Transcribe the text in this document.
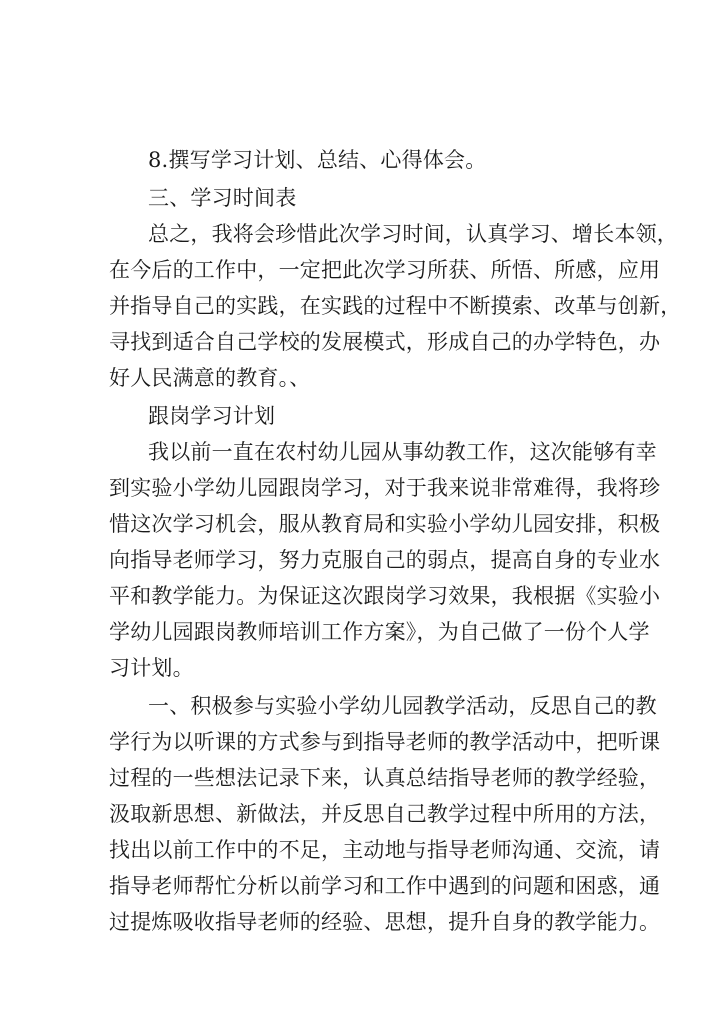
8.撰写学习计划、总结、心得体会。
三、学习时间表
总之，我将会珍惜此次学习时间，认真学习、增长本领，
在今后的工作中，一定把此次学习所获、所悟、所感，应用
并指导自己的实践，在实践的过程中不断摸索、改革与创新，
寻找到适合自己学校的发展模式，形成自己的办学特色，办
好人民满意的教育。、
跟岗学习计划
我以前一直在农村幼儿园从事幼教工作，这次能够有幸
到实验小学幼儿园跟岗学习，对于我来说非常难得，我将珍
惜这次学习机会，服从教育局和实验小学幼儿园安排，积极
向指导老师学习，努力克服自己的弱点，提高自身的专业水
平和教学能力。为保证这次跟岗学习效果，我根据《实验小
学幼儿园跟岗教师培训工作方案》，为自己做了一份个人学
习计划。
一、积极参与实验小学幼儿园教学活动，反思自己的教
学行为以听课的方式参与到指导老师的教学活动中，把听课
过程的一些想法记录下来，认真总结指导老师的教学经验，
汲取新思想、新做法，并反思自己教学过程中所用的方法，
找出以前工作中的不足，主动地与指导老师沟通、交流，请
指导老师帮忙分析以前学习和工作中遇到的问题和困惑，通
过提炼吸收指导老师的经验、思想，提升自身的教学能力。
